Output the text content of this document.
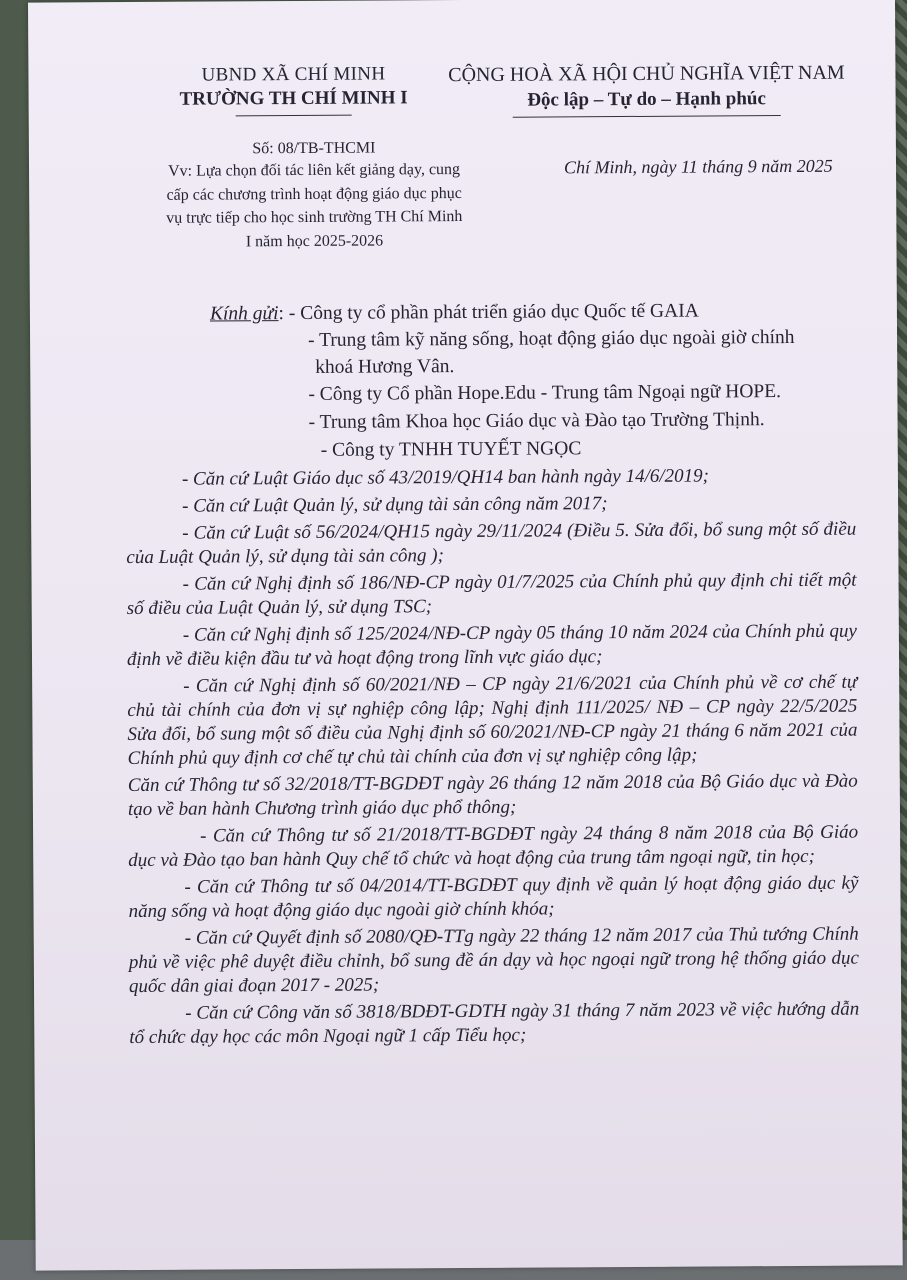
UBND XÃ CHÍ MINH
TRƯỜNG TH CHÍ MINH I
CỘNG HOÀ XÃ HỘI CHỦ NGHĨA VIỆT NAM
Độc lập – Tự do – Hạnh phúc
Số: 08/TB-THCMI
Vv: Lựa chọn đối tác liên kết giảng dạy, cung cấp các chương trình hoạt động giáo dục phục vụ trực tiếp cho học sinh trường TH Chí Minh I năm học 2025-2026
Chí Minh, ngày 11 tháng 9 năm 2025
Kính gửi: - Công ty cổ phần phát triển giáo dục Quốc tế GAIA
- Trung tâm kỹ năng sống, hoạt động giáo dục ngoài giờ chính
khoá Hương Vân.
- Công ty Cổ phần Hope.Edu - Trung tâm Ngoại ngữ HOPE.
- Trung tâm Khoa học Giáo dục và Đào tạo Trường Thịnh.
- Công ty TNHH TUYẾT NGỌC

- Căn cứ Luật Giáo dục số 43/2019/QH14 ban hành ngày 14/6/2019;

- Căn cứ Luật Quản lý, sử dụng tài sản công năm 2017;

- Căn cứ Luật số 56/2024/QH15 ngày 29/11/2024 (Điều 5. Sửa đổi, bổ sung một số điều của Luật Quản lý, sử dụng tài sản công );

- Căn cứ Nghị định số 186/NĐ-CP ngày 01/7/2025 của Chính phủ quy định chi tiết một số điều của Luật Quản lý, sử dụng TSC;

- Căn cứ Nghị định số 125/2024/NĐ-CP ngày 05 tháng 10 năm 2024 của Chính phủ quy định về điều kiện đầu tư và hoạt động trong lĩnh vực giáo dục;

- Căn cứ Nghị định số 60/2021/NĐ – CP ngày 21/6/2021 của Chính phủ về cơ chế tự chủ tài chính của đơn vị sự nghiệp công lập; Nghị định 111/2025/ NĐ – CP ngày 22/5/2025 Sửa đổi, bổ sung một số điều của Nghị định số 60/2021/NĐ-CP ngày 21 tháng 6 năm 2021 của Chính phủ quy định cơ chế tự chủ tài chính của đơn vị sự nghiệp công lập;

Căn cứ Thông tư số 32/2018/TT-BGDĐT ngày 26 tháng 12 năm 2018 của Bộ Giáo dục và Đào tạo về ban hành Chương trình giáo dục phổ thông;

- Căn cứ Thông tư số 21/2018/TT-BGDĐT ngày 24 tháng 8 năm 2018 của Bộ Giáo dục và Đào tạo ban hành Quy chế tổ chức và hoạt động của trung tâm ngoại ngữ, tin học;

- Căn cứ Thông tư số 04/2014/TT-BGDĐT quy định về quản lý hoạt động giáo dục kỹ năng sống và hoạt động giáo dục ngoài giờ chính khóa;

- Căn cứ Quyết định số 2080/QĐ-TTg ngày 22 tháng 12 năm 2017 của Thủ tướng Chính phủ về việc phê duyệt điều chỉnh, bổ sung đề án dạy và học ngoại ngữ trong hệ thống giáo dục quốc dân giai đoạn 2017 - 2025;

- Căn cứ Công văn số 3818/BDĐT-GDTH ngày 31 tháng 7 năm 2023 về việc hướng dẫn tổ chức dạy học các môn Ngoại ngữ 1 cấp Tiểu học;
